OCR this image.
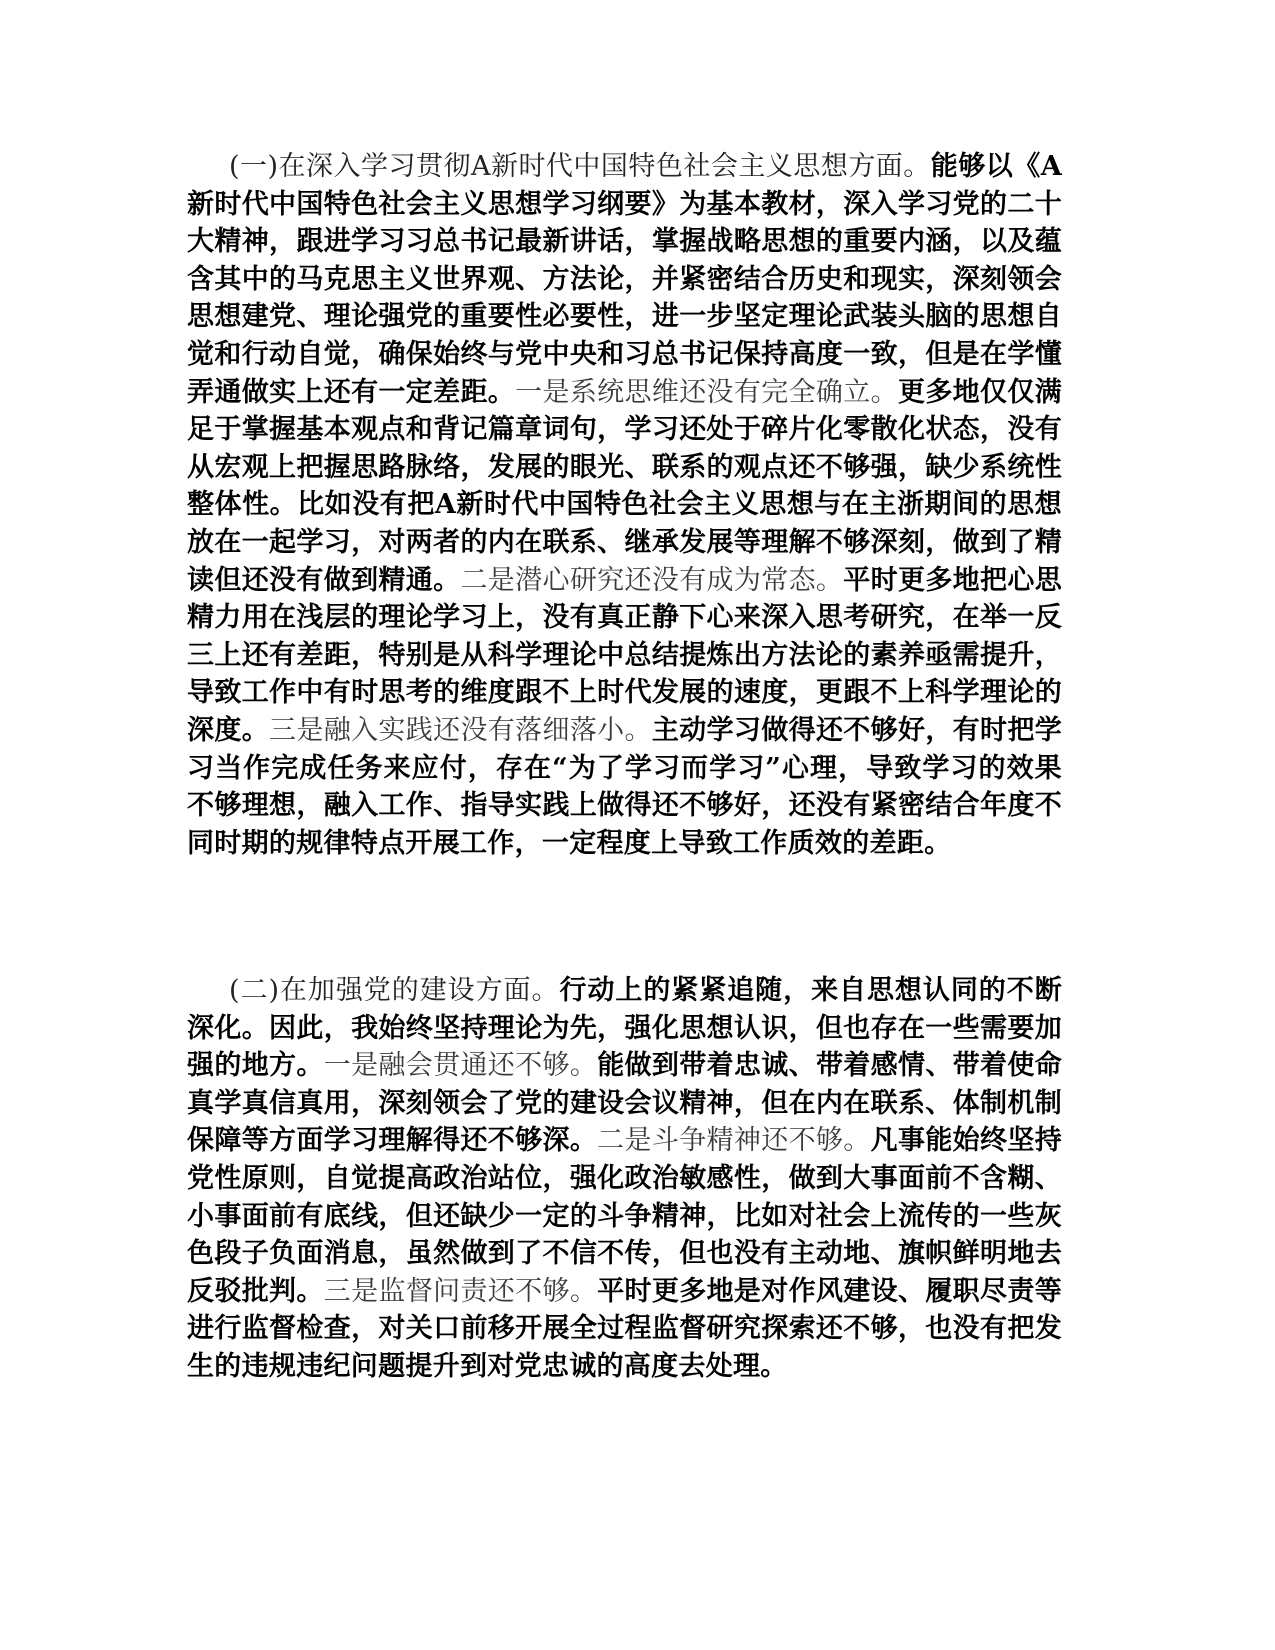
(一)在深入学习贯彻A新时代中国特色社会主义思想方面。能够以《A新时代中国特色社会主义思想学习纲要》为基本教材，深入学习党的二十大精神，跟进学习习总书记最新讲话，掌握战略思想的重要内涵，以及蕴含其中的马克思主义世界观、方法论，并紧密结合历史和现实，深刻领会思想建党、理论强党的重要性必要性，进一步坚定理论武装头脑的思想自觉和行动自觉，确保始终与党中央和习总书记保持高度一致，但是在学懂弄通做实上还有一定差距。一是系统思维还没有完全确立。更多地仅仅满足于掌握基本观点和背记篇章词句，学习还处于碎片化零散化状态，没有从宏观上把握思路脉络，发展的眼光、联系的观点还不够强，缺少系统性整体性。比如没有把A新时代中国特色社会主义思想与在主浙期间的思想放在一起学习，对两者的内在联系、继承发展等理解不够深刻，做到了精读但还没有做到精通。二是潜心研究还没有成为常态。平时更多地把心思精力用在浅层的理论学习上，没有真正静下心来深入思考研究，在举一反三上还有差距，特别是从科学理论中总结提炼出方法论的素养亟需提升，导致工作中有时思考的维度跟不上时代发展的速度，更跟不上科学理论的深度。三是融入实践还没有落细落小。主动学习做得还不够好，有时把学习当作完成任务来应付，存在“为了学习而学习”心理，导致学习的效果不够理想，融入工作、指导实践上做得还不够好，还没有紧密结合年度不同时期的规律特点开展工作，一定程度上导致工作质效的差距。

(二)在加强党的建设方面。行动上的紧紧追随，来自思想认同的不断深化。因此，我始终坚持理论为先，强化思想认识，但也存在一些需要加强的地方。一是融会贯通还不够。能做到带着忠诚、带着感情、带着使命真学真信真用，深刻领会了党的建设会议精神，但在内在联系、体制机制保障等方面学习理解得还不够深。二是斗争精神还不够。凡事能始终坚持党性原则，自觉提高政治站位，强化政治敏感性，做到大事面前不含糊、小事面前有底线，但还缺少一定的斗争精神，比如对社会上流传的一些灰色段子负面消息，虽然做到了不信不传，但也没有主动地、旗帜鲜明地去反驳批判。三是监督问责还不够。平时更多地是对作风建设、履职尽责等进行监督检查，对关口前移开展全过程监督研究探索还不够，也没有把发生的违规违纪问题提升到对党忠诚的高度去处理。
